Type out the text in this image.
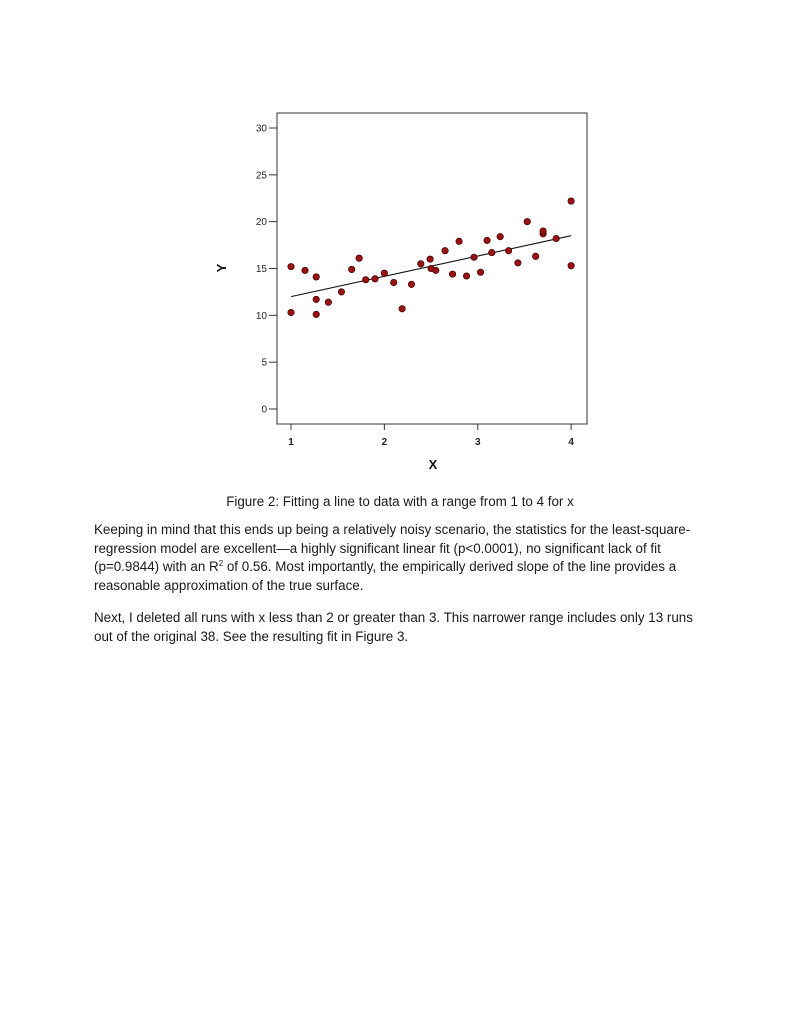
1	2	3	4
0
5
10
15
20
25
30
X
Y
Figure 2: Fitting a line to data with a range from 1 to 4 for x

Keeping in mind that this ends up being a relatively noisy scenario, the statistics for the least-square-regression model are excellent—a highly significant linear fit (p<0.0001), no significant lack of fit (p=0.9844) with an $R^2$ of 0.56. Most importantly, the empirically derived slope of the line provides a reasonable approximation of the true surface.

Next, I deleted all runs with x less than 2 or greater than 3. This narrower range includes only 13 runs out of the original 38. See the resulting fit in Figure 3.
